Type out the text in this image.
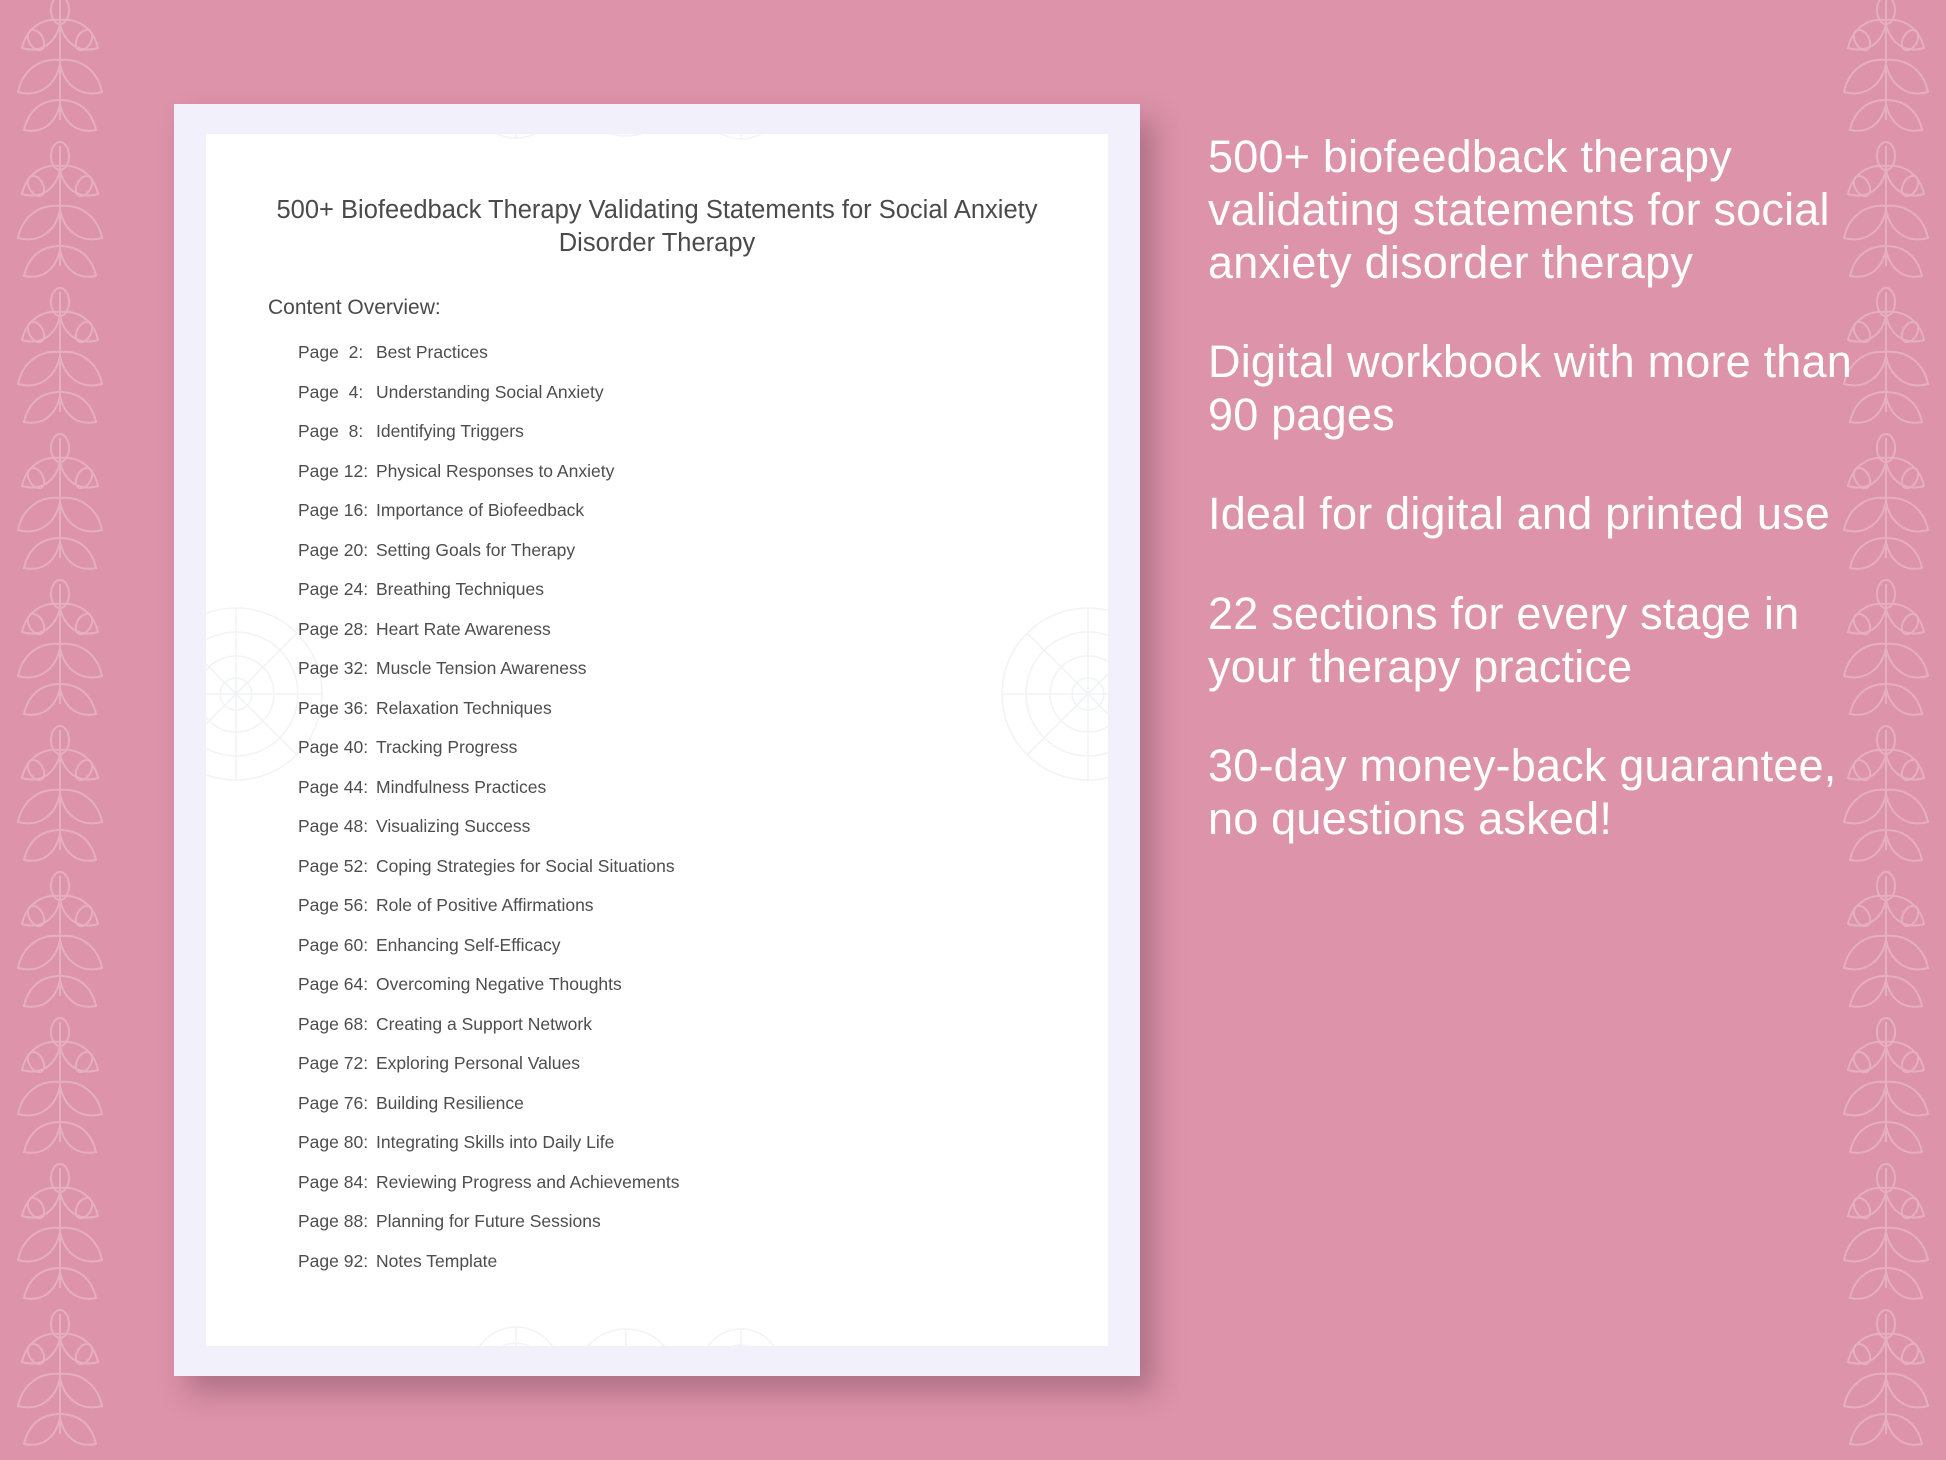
500+ Biofeedback Therapy Validating Statements for Social Anxiety Disorder Therapy
Content Overview:
Page  2: Best Practices
Page  4: Understanding Social Anxiety
Page  8: Identifying Triggers
Page 12: Physical Responses to Anxiety
Page 16: Importance of Biofeedback
Page 20: Setting Goals for Therapy
Page 24: Breathing Techniques
Page 28: Heart Rate Awareness
Page 32: Muscle Tension Awareness
Page 36: Relaxation Techniques
Page 40: Tracking Progress
Page 44: Mindfulness Practices
Page 48: Visualizing Success
Page 52: Coping Strategies for Social Situations
Page 56: Role of Positive Affirmations
Page 60: Enhancing Self-Efficacy
Page 64: Overcoming Negative Thoughts
Page 68: Creating a Support Network
Page 72: Exploring Personal Values
Page 76: Building Resilience
Page 80: Integrating Skills into Daily Life
Page 84: Reviewing Progress and Achievements
Page 88: Planning for Future Sessions
Page 92: Notes Template
500+ biofeedback therapy validating statements for social anxiety disorder therapy
Digital workbook with more than 90 pages
Ideal for digital and printed use
22 sections for every stage in your therapy practice
30-day money-back guarantee, no questions asked!
